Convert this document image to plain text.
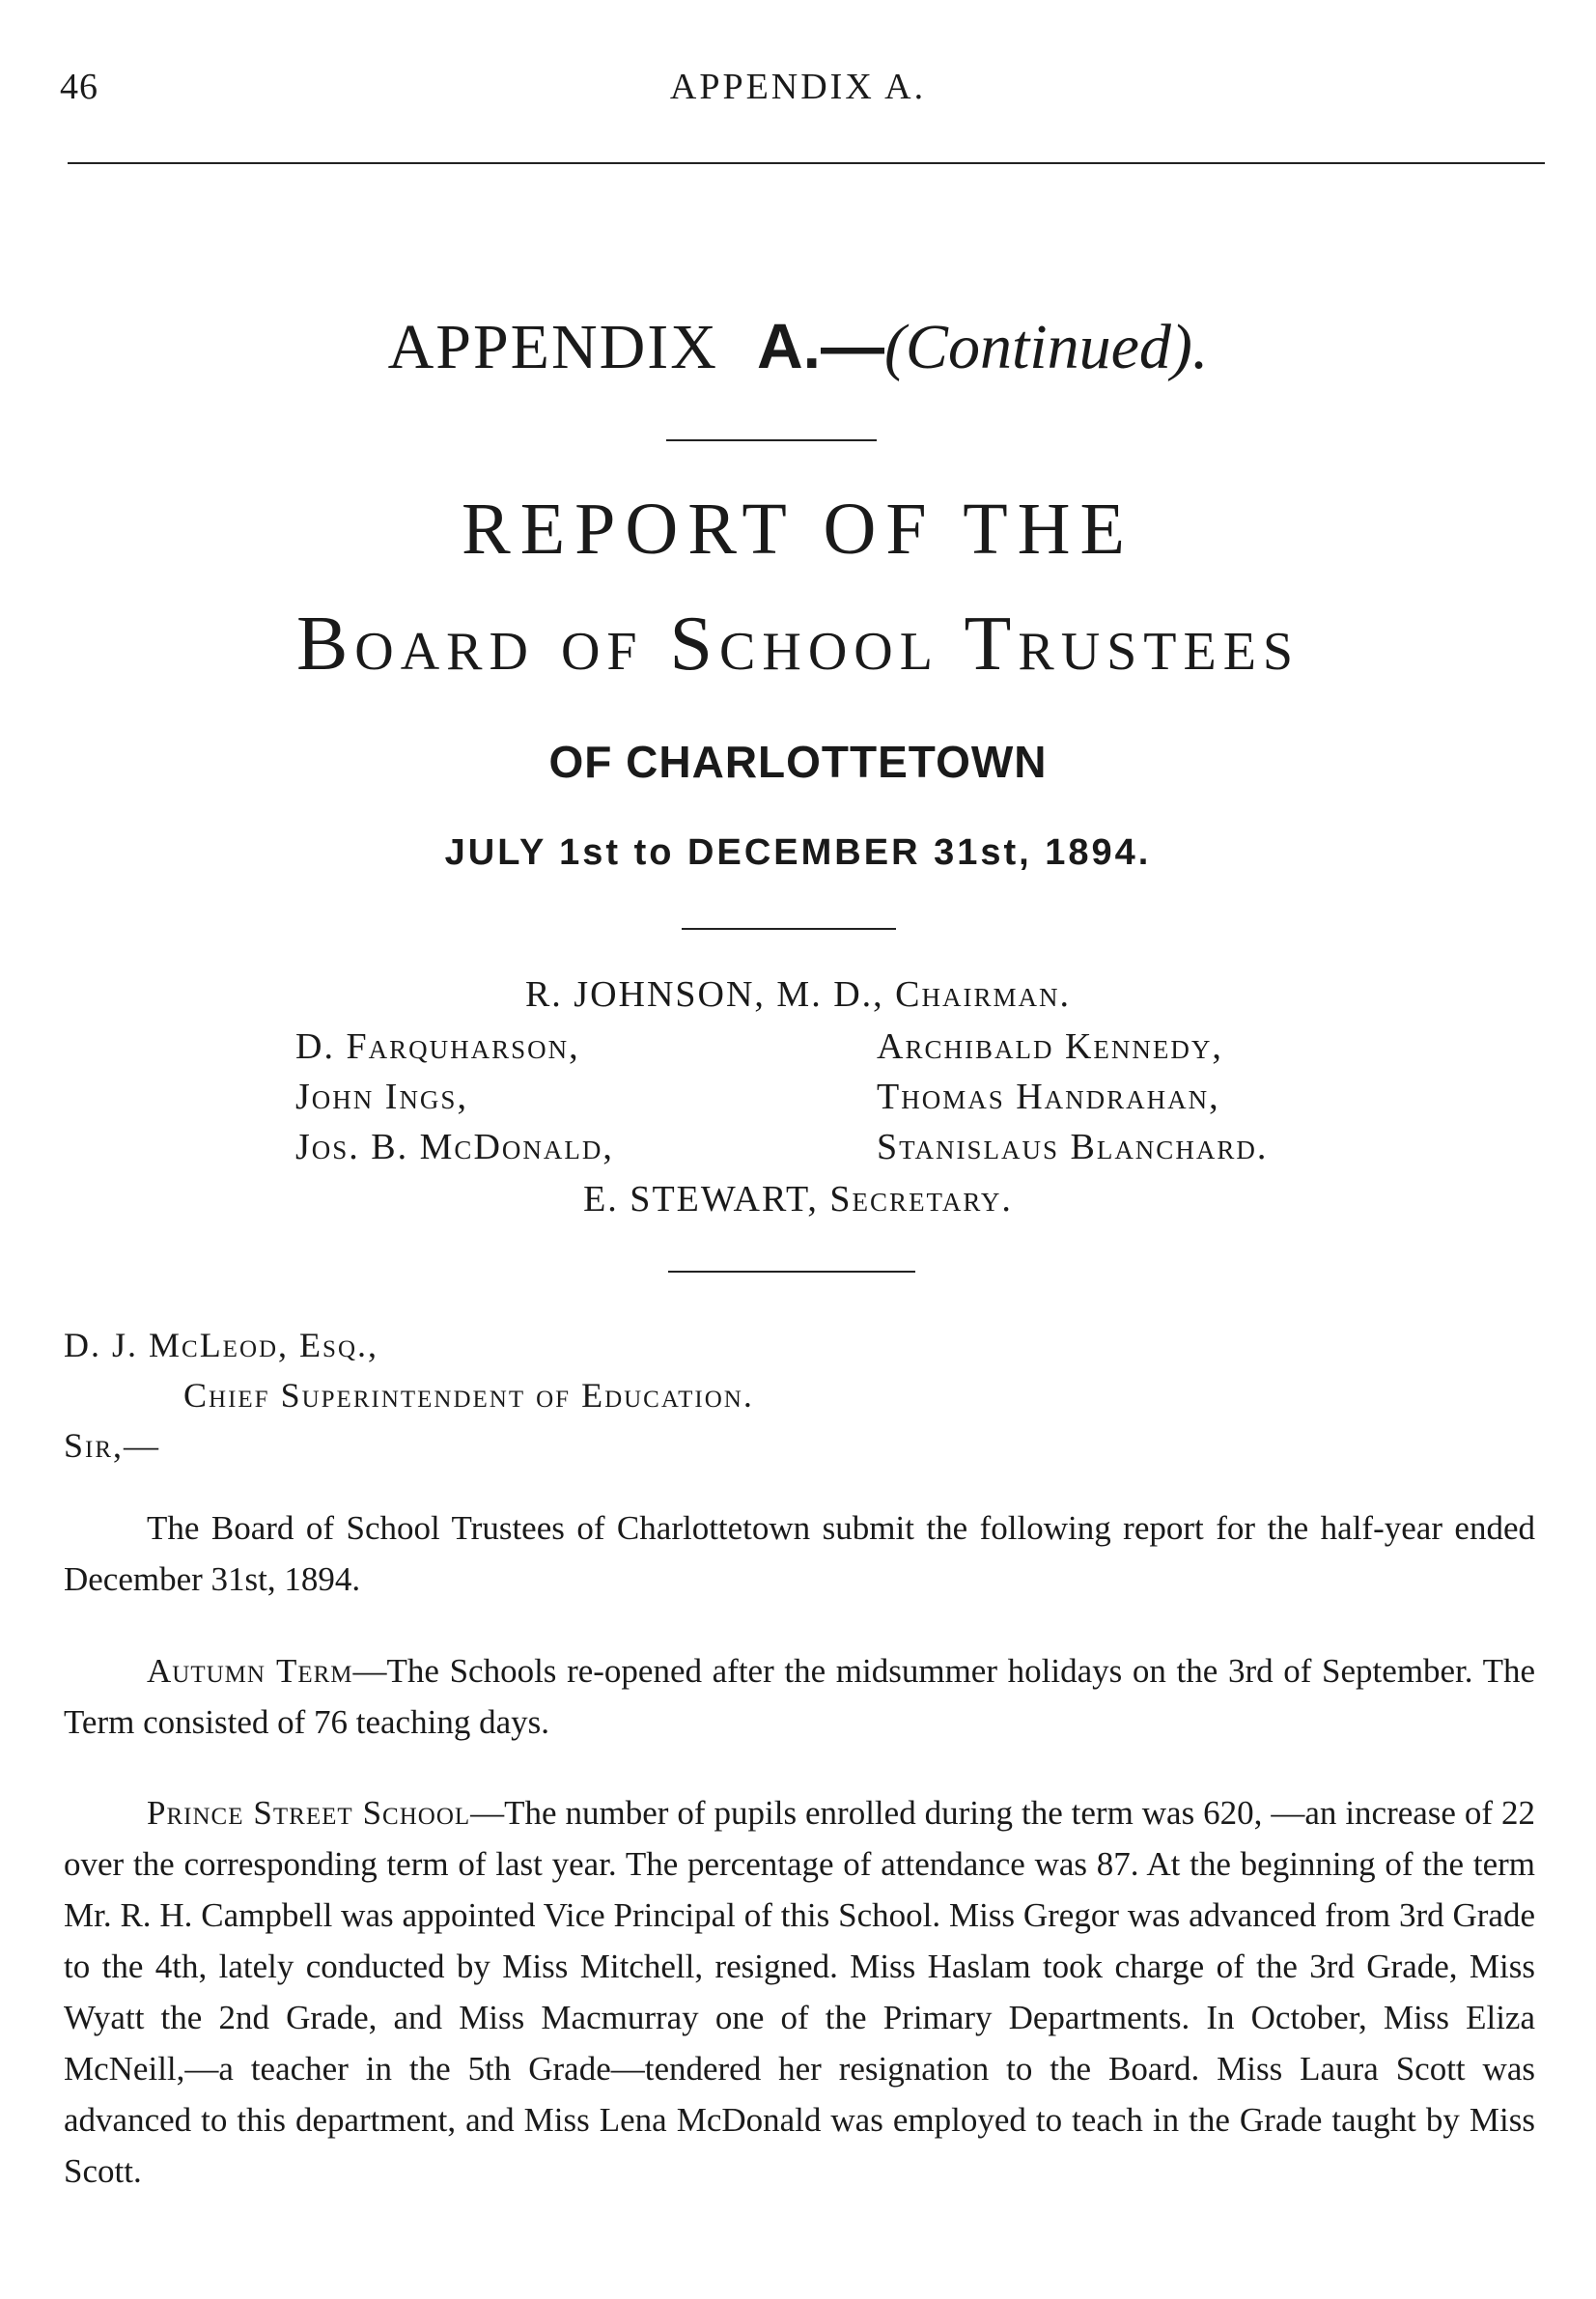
46	APPENDIX A.
APPENDIX A.—(Continued).
REPORT OF THE
Board of School Trustees
OF CHARLOTTETOWN
JULY 1st to DECEMBER 31st, 1894.
R. JOHNSON, M. D., Chairman.
D. Farquharson,
John Ings,
Jos. B. McDonald,
Archibald Kennedy,
Thomas Handrahan,
Stanislaus Blanchard.
E. STEWART, Secretary.
D. J. McLeod, Esq.,
Chief Superintendent of Education.
Sir,—
The Board of School Trustees of Charlottetown submit the following report for the half-year ended December 31st, 1894.
Autumn Term—The Schools re-opened after the midsummer holidays on the 3rd of September. The Term consisted of 76 teaching days.
Prince Street School—The number of pupils enrolled during the term was 620, —an increase of 22 over the corresponding term of last year. The percentage of attendance was 87. At the beginning of the term Mr. R. H. Campbell was appointed Vice Principal of this School. Miss Gregor was advanced from 3rd Grade to the 4th, lately conducted by Miss Mitchell, resigned. Miss Haslam took charge of the 3rd Grade, Miss Wyatt the 2nd Grade, and Miss Macmurray one of the Primary Departments. In October, Miss Eliza McNeill,—a teacher in the 5th Grade—tendered her resignation to the Board. Miss Laura Scott was advanced to this department, and Miss Lena McDonald was employed to teach in the Grade taught by Miss Scott.
